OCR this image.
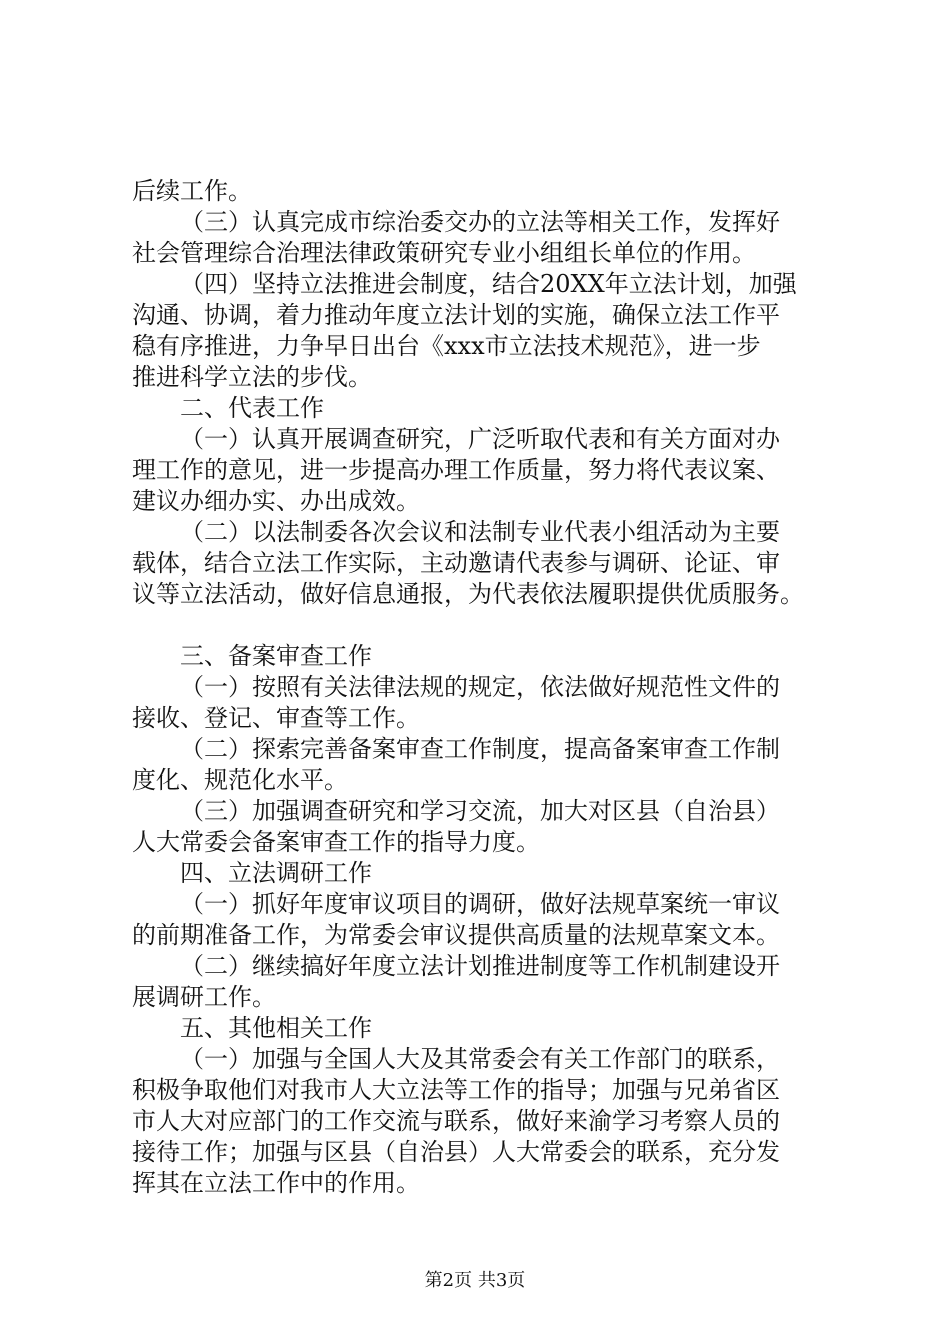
后续工作。
（三）认真完成市综治委交办的立法等相关工作，发挥好
社会管理综合治理法律政策研究专业小组组长单位的作用。
（四）坚持立法推进会制度，结合20XX年立法计划，加强
沟通、协调，着力推动年度立法计划的实施，确保立法工作平
稳有序推进，力争早日出台《xxx市立法技术规范》，进一步
推进科学立法的步伐。
二、代表工作
（一）认真开展调查研究，广泛听取代表和有关方面对办
理工作的意见，进一步提高办理工作质量，努力将代表议案、
建议办细办实、办出成效。
（二）以法制委各次会议和法制专业代表小组活动为主要
载体，结合立法工作实际，主动邀请代表参与调研、论证、审
议等立法活动，做好信息通报，为代表依法履职提供优质服务。
三、备案审查工作
（一）按照有关法律法规的规定，依法做好规范性文件的
接收、登记、审查等工作。
（二）探索完善备案审查工作制度，提高备案审查工作制
度化、规范化水平。
（三）加强调查研究和学习交流，加大对区县（自治县）
人大常委会备案审查工作的指导力度。
四、立法调研工作
（一）抓好年度审议项目的调研，做好法规草案统一审议
的前期准备工作，为常委会审议提供高质量的法规草案文本。
（二）继续搞好年度立法计划推进制度等工作机制建设开
展调研工作。
五、其他相关工作
（一）加强与全国人大及其常委会有关工作部门的联系，
积极争取他们对我市人大立法等工作的指导；加强与兄弟省区
市人大对应部门的工作交流与联系，做好来渝学习考察人员的
接待工作；加强与区县（自治县）人大常委会的联系，充分发
挥其在立法工作中的作用。
第2页 共3页
